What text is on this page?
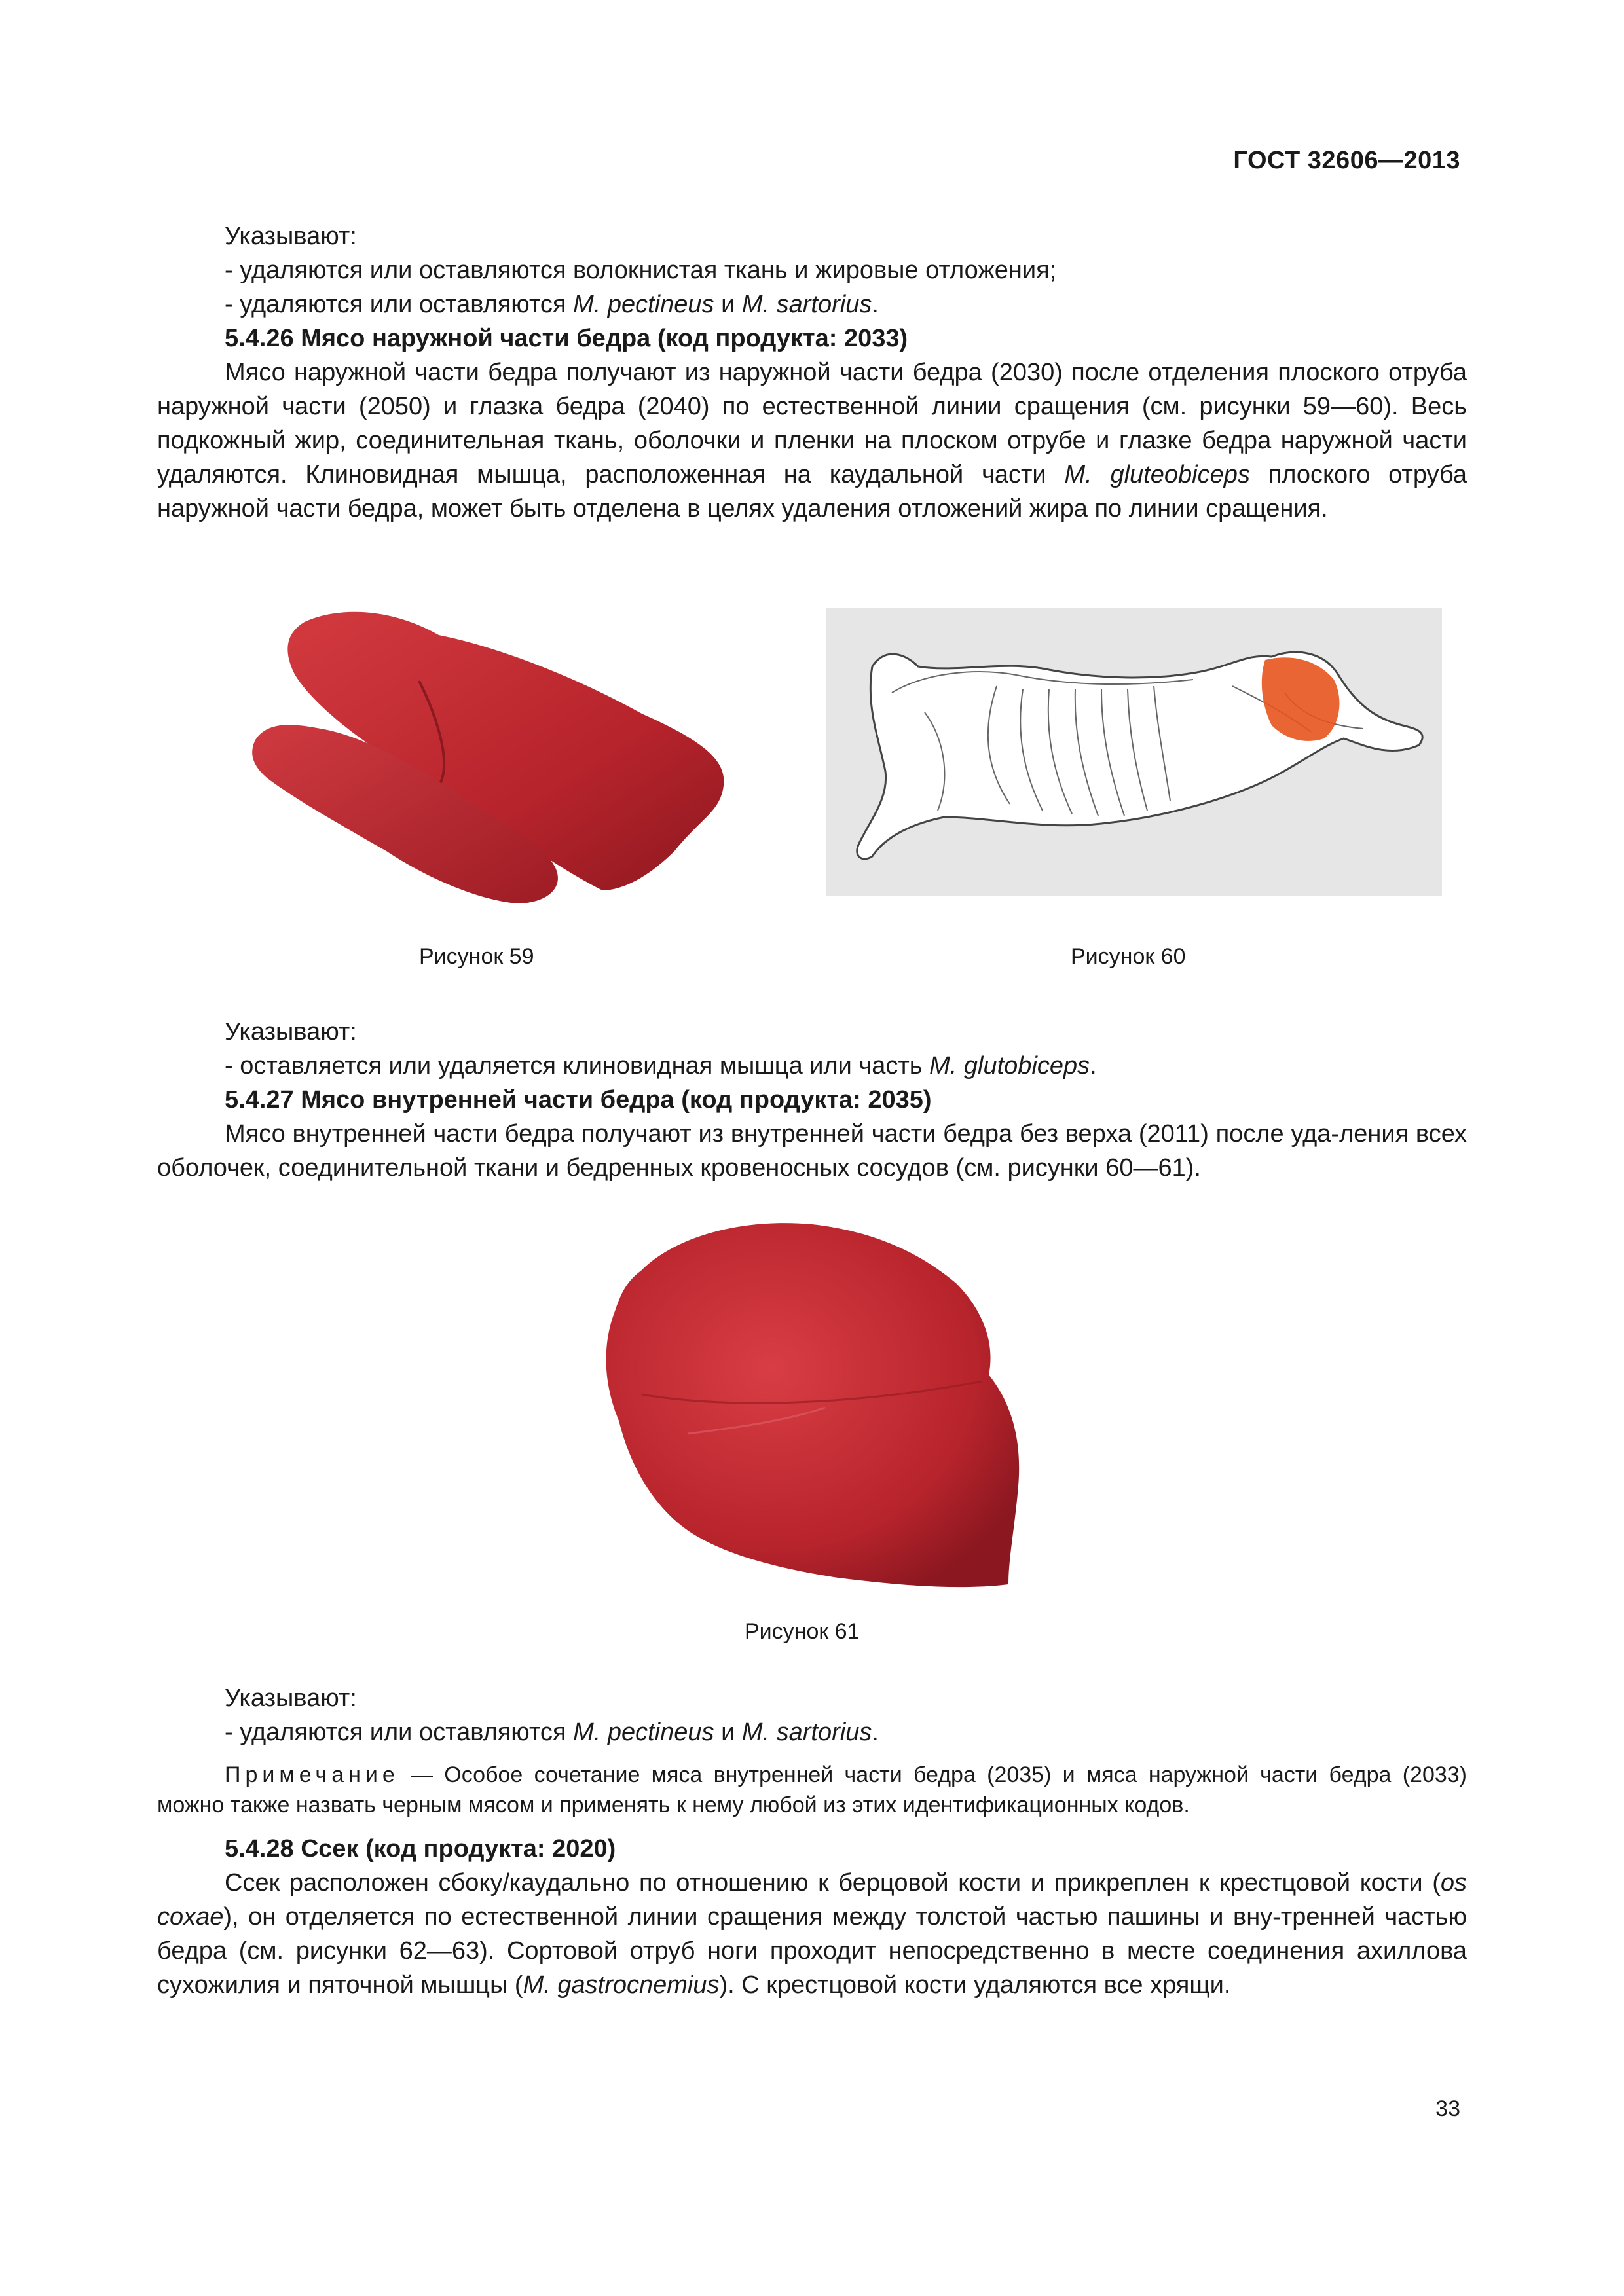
ГОСТ 32606—2013

Указывают:

- удаляются или оставляются волокнистая ткань и жировые отложения;

- удаляются или оставляются M. pectineus и M. sartorius.

5.4.26 Мясо наружной части бедра (код продукта: 2033)

Мясо наружной части бедра получают из наружной части бедра (2030) после отделения плоского отруба наружной части (2050) и глазка бедра (2040) по естественной линии сращения (см. рисунки 59—60). Весь подкожный жир, соединительная ткань, оболочки и пленки на плоском отрубе и глазке бедра наружной части удаляются. Клиновидная мышца, расположенная на каудальной части M. gluteobiceps плоского отруба наружной части бедра, может быть отделена в целях удаления отложений жира по линии сращения.

Рисунок 59	Рисунок 60

Указывают:

- оставляется или удаляется клиновидная мышца или часть M. glutobiceps.

5.4.27 Мясо внутренней части бедра (код продукта: 2035)

Мясо внутренней части бедра получают из внутренней части бедра без верха (2011) после уда-ления всех оболочек, соединительной ткани и бедренных кровеносных сосудов (см. рисунки 60—61).

Рисунок 61

Указывают:

- удаляются или оставляются M. pectineus и M. sartorius.

Примечание — Особое сочетание мяса внутренней части бедра (2035) и мяса наружной части бедра (2033) можно также назвать черным мясом и применять к нему любой из этих идентификационных кодов.

5.4.28 Ссек (код продукта: 2020)

Ссек расположен сбоку/каудально по отношению к берцовой кости и прикреплен к крестцовой кости (os coxae), он отделяется по естественной линии сращения между толстой частью пашины и вну-тренней частью бедра (см. рисунки 62—63). Сортовой отруб ноги проходит непосредственно в месте соединения ахиллова сухожилия и пяточной мышцы (M. gastrocnemius). С крестцовой кости удаляются все хрящи.

33
